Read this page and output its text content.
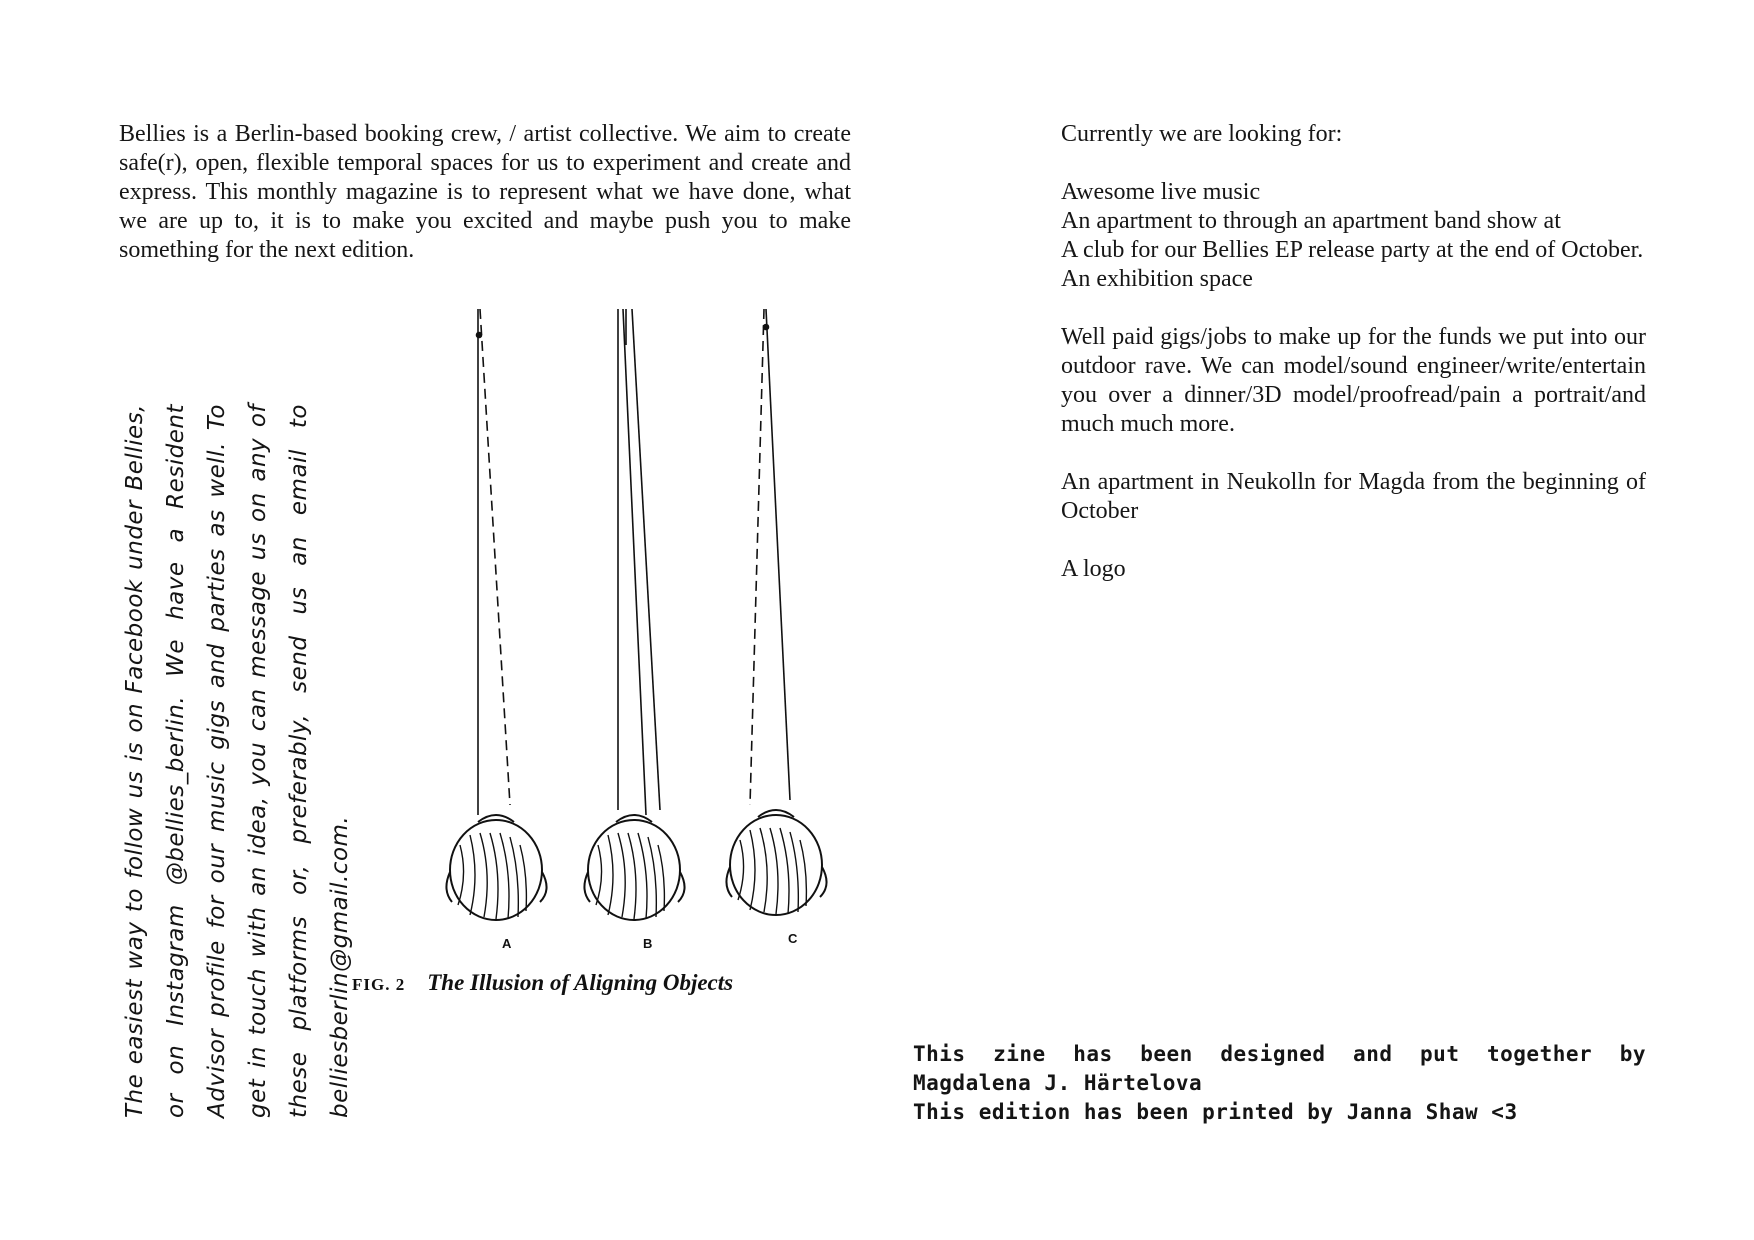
Bellies is a Berlin-based booking crew, / artist collective. We aim to create safe(r), open, flexible temporal spaces for us to experiment and create and express. This monthly magazine is to represent what we have done, what we are up to, it is to make you excited and maybe push you to make something for the next edition.

The easiest way to follow us is on Facebook under Bellies, or on Instagram @bellies_berlin. We have a Resident Advisor profile for our music gigs and parties as well. To get in touch with an idea, you can message us on any of these platforms or, preferably, send us an email to belliesberlin@gmail.com.	A	B	C
FIG. 2 The Illusion of Aligning Objects

Currently we are looking for:

Awesome live music

An apartment to through an apartment band show at

A club for our Bellies EP release party at the end of October.

An exhibition space

Well paid gigs/jobs to make up for the funds we put into our outdoor rave. We can model/sound engineer/write/entertain you over a dinner/3D model/proofread/pain a portrait/and much much more.

An apartment in Neukolln for Magda from the beginning of October

A logo

This zine has been designed and put together by

Magdalena J. Härtelova

This edition has been printed by Janna Shaw <3
